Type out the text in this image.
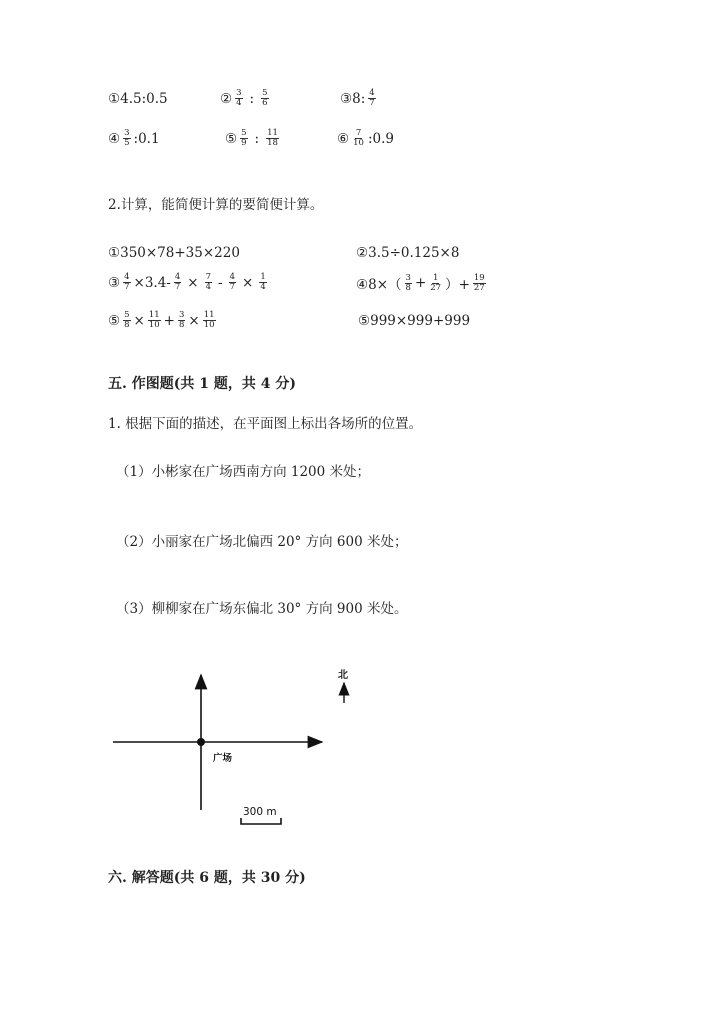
①4.5:0.5	② $\frac{3}{4}$ : $\frac{5}{6}$	③8: $\frac{4}{7}$
④ $\frac{3}{5}$ :0.1	⑤ $\frac{5}{9}$ : $\frac{11}{18}$	⑥ $\frac{7}{10}$ :0.9
2.计算，能简便计算的要简便计算。
①350×78+35×220	②3.5÷0.125×8
③ $\frac{4}{7} \times 3.4- \frac{4}{7} \times \frac{7}{4} - \frac{4}{7} \times \frac{1}{4}$	④8×（ $\frac{3}{8} + \frac{1}{27}$ ）+ $\frac{19}{27}$
⑤ $\frac{5}{8} \times \frac{11}{10} + \frac{3}{8} \times \frac{11}{10}$	⑤999×999+999
五. 作图题(共 1 题，共 4 分)
1. 根据下面的描述，在平面图上标出各场所的位置。
（1）小彬家在广场西南方向 1200 米处；
（2）小丽家在广场北偏西 20° 方向 600 米处；
（3）柳柳家在广场东偏北 30° 方向 900 米处。
北
广场
300 m
六. 解答题(共 6 题，共 30 分)
